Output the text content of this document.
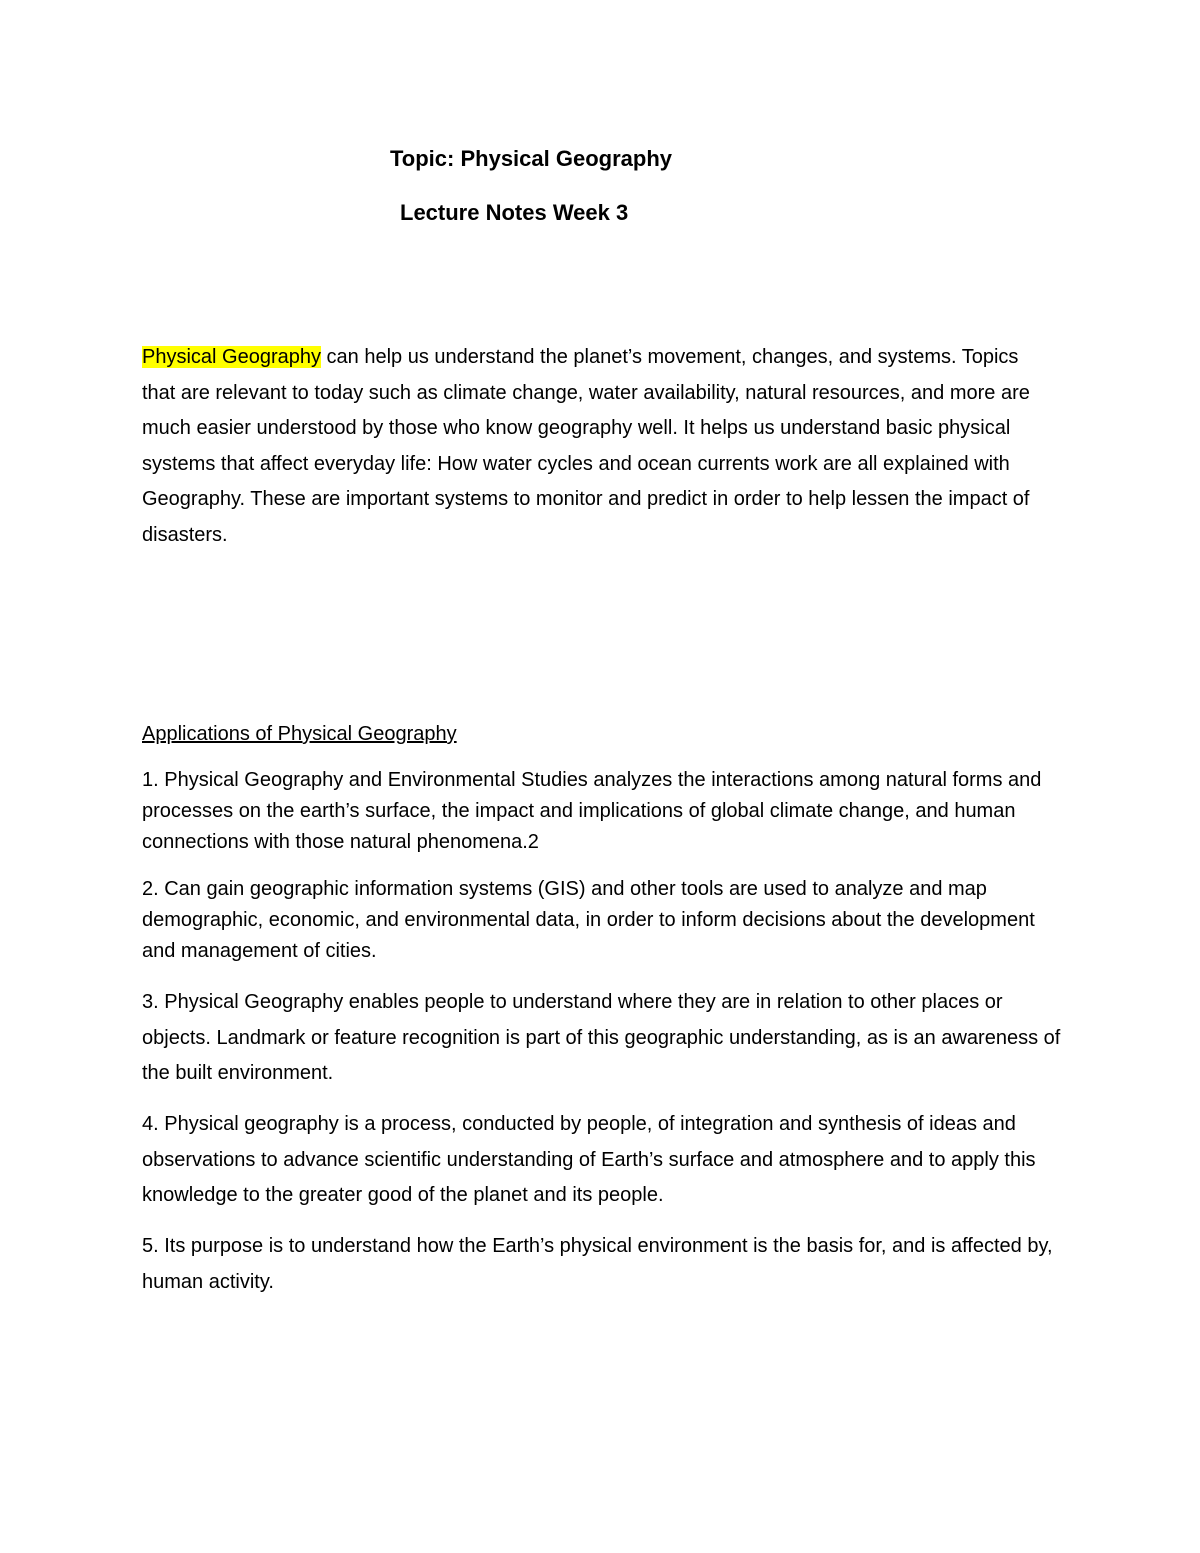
Topic: Physical Geography
Lecture Notes Week 3

Physical Geography can help us understand the planet’s movement, changes, and systems. Topics that are relevant to today such as climate change, water availability, natural resources, and more are much easier understood by those who know geography well. It helps us understand basic physical systems that affect everyday life: How water cycles and ocean currents work are all explained with Geography. These are important systems to monitor and predict in order to help lessen the impact of disasters.

Applications of Physical Geography

1. Physical Geography and Environmental Studies analyzes the interactions among natural forms and processes on the earth’s surface, the impact and implications of global climate change, and human connections with those natural phenomena.2

2. Can gain geographic information systems (GIS) and other tools are used to analyze and map demographic, economic, and environmental data, in order to inform decisions about the development and management of cities.

3. Physical Geography enables people to understand where they are in relation to other places or objects. Landmark or feature recognition is part of this geographic understanding, as is an awareness of the built environment.

4. Physical geography is a process, conducted by people, of integration and synthesis of ideas and observations to advance scientific understanding of Earth’s surface and atmosphere and to apply this knowledge to the greater good of the planet and its people.

5. Its purpose is to understand how the Earth’s physical environment is the basis for, and is affected by, human activity.
